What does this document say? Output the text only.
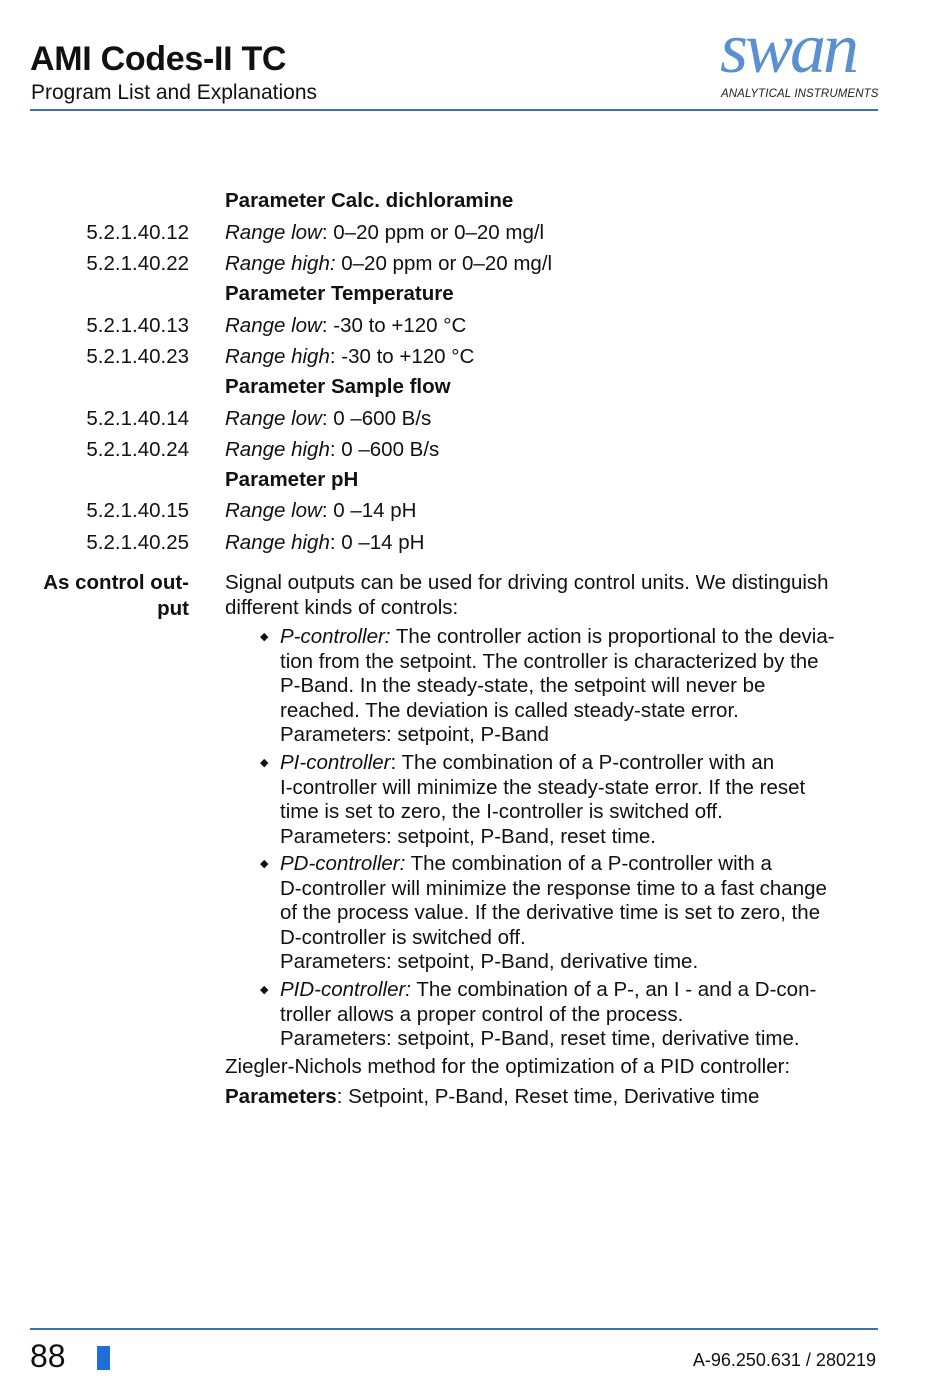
AMI Codes-II TC
Program List and Explanations
swan
ANALYTICAL INSTRUMENTS
Parameter Calc. dichloramine
5.2.1.40.12 Range low: 0–20 ppm or 0–20 mg/l
5.2.1.40.22 Range high: 0–20 ppm or 0–20 mg/l
Parameter Temperature
5.2.1.40.13 Range low: -30 to +120 °C
5.2.1.40.23 Range high: -30 to +120 °C
Parameter Sample flow
5.2.1.40.14 Range low: 0 –600 B/s
5.2.1.40.24 Range high: 0 –600 B/s
Parameter pH
5.2.1.40.15 Range low: 0 –14 pH
5.2.1.40.25 Range high: 0 –14 pH
As control out-
put
Signal outputs can be used for driving control units. We distinguish
different kinds of controls:
◆ P-controller: The controller action is proportional to the devia-
tion from the setpoint. The controller is characterized by the
P-Band. In the steady-state, the setpoint will never be
reached. The deviation is called steady-state error.
Parameters: setpoint, P-Band
◆ PI-controller: The combination of a P-controller with an
I-controller will minimize the steady-state error. If the reset
time is set to zero, the I-controller is switched off.
Parameters: setpoint, P-Band, reset time.
◆ PD-controller: The combination of a P-controller with a
D-controller will minimize the response time to a fast change
of the process value. If the derivative time is set to zero, the
D-controller is switched off.
Parameters: setpoint, P-Band, derivative time.
◆ PID-controller: The combination of a P-, an I - and a D-con-
troller allows a proper control of the process.
Parameters: setpoint, P-Band, reset time, derivative time.
Ziegler-Nichols method for the optimization of a PID controller:
Parameters: Setpoint, P-Band, Reset time, Derivative time
88	A-96.250.631 / 280219
